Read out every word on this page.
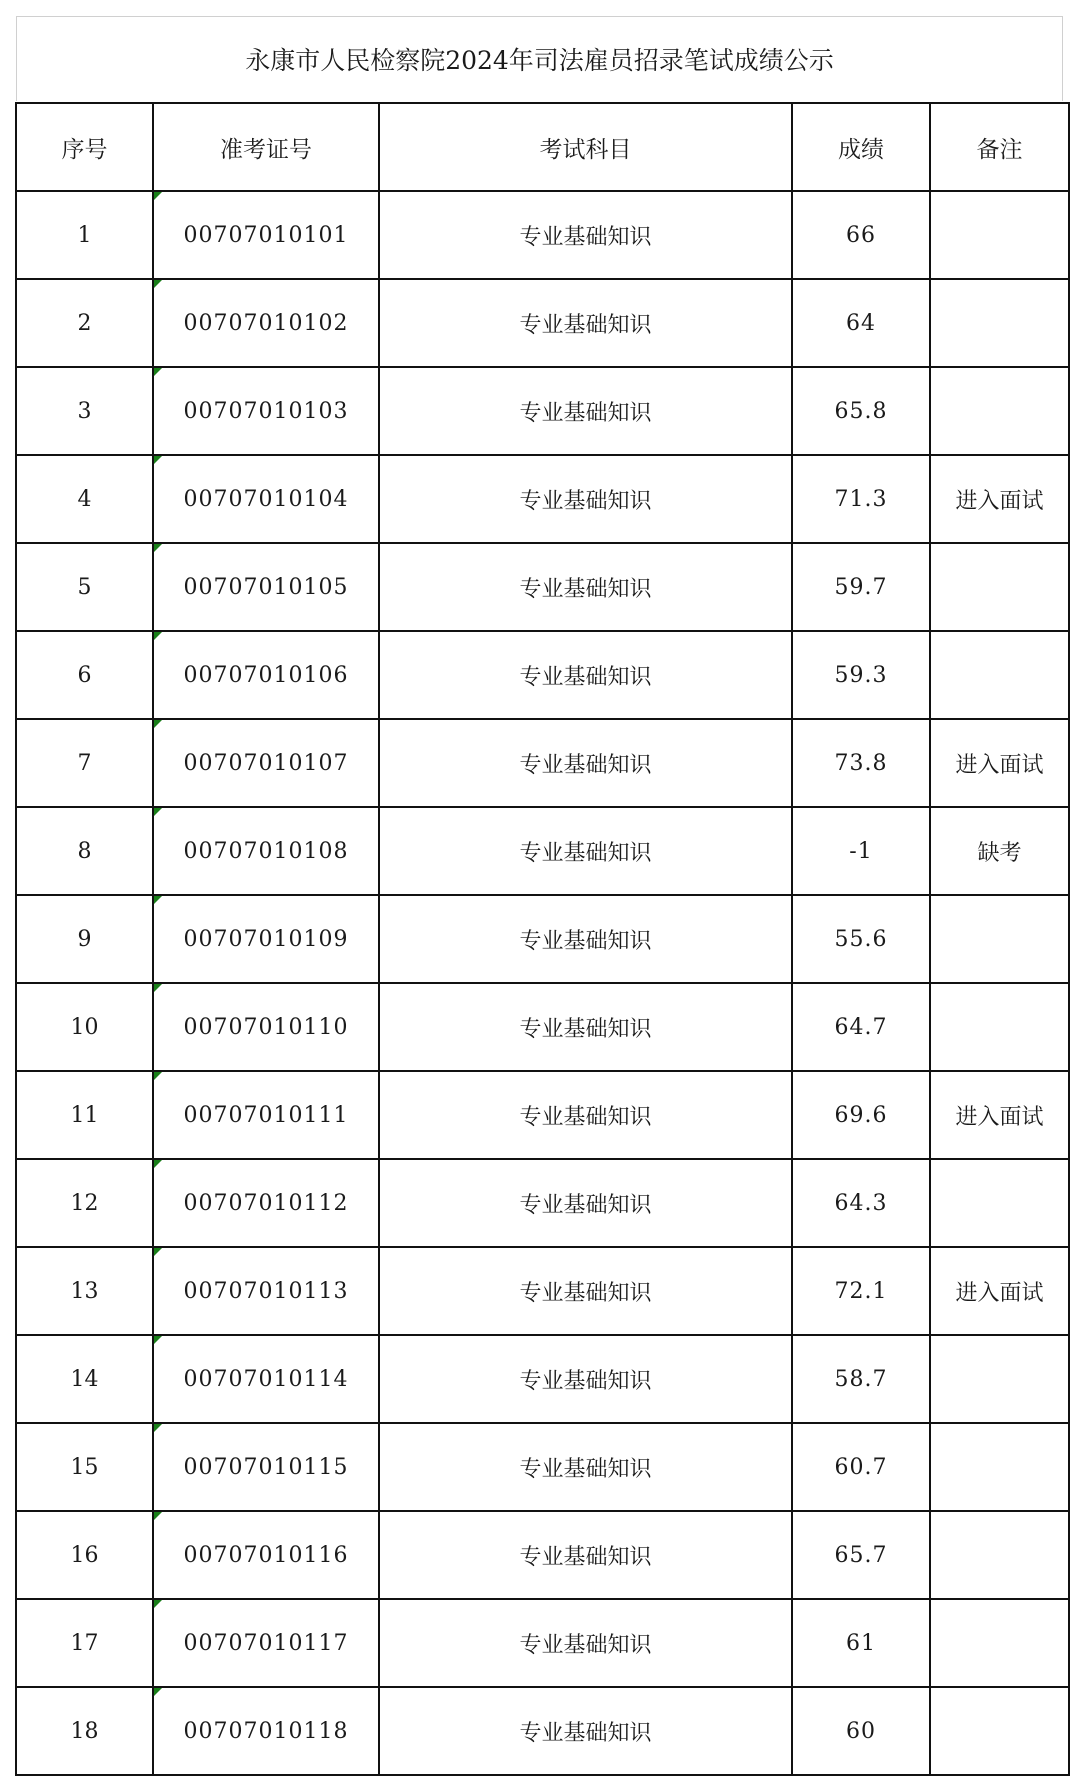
永康市人民检察院2024年司法雇员招录笔试成绩公示
序号	准考证号	考试科目	成绩	备注
1	00707010101	专业基础知识	66	
2	00707010102	专业基础知识	64	
3	00707010103	专业基础知识	65.8	
4	00707010104	专业基础知识	71.3	进入面试
5	00707010105	专业基础知识	59.7	
6	00707010106	专业基础知识	59.3	
7	00707010107	专业基础知识	73.8	进入面试
8	00707010108	专业基础知识	-1	缺考
9	00707010109	专业基础知识	55.6	
10	00707010110	专业基础知识	64.7	
11	00707010111	专业基础知识	69.6	进入面试
12	00707010112	专业基础知识	64.3	
13	00707010113	专业基础知识	72.1	进入面试
14	00707010114	专业基础知识	58.7	
15	00707010115	专业基础知识	60.7	
16	00707010116	专业基础知识	65.7	
17	00707010117	专业基础知识	61	
18	00707010118	专业基础知识	60	
